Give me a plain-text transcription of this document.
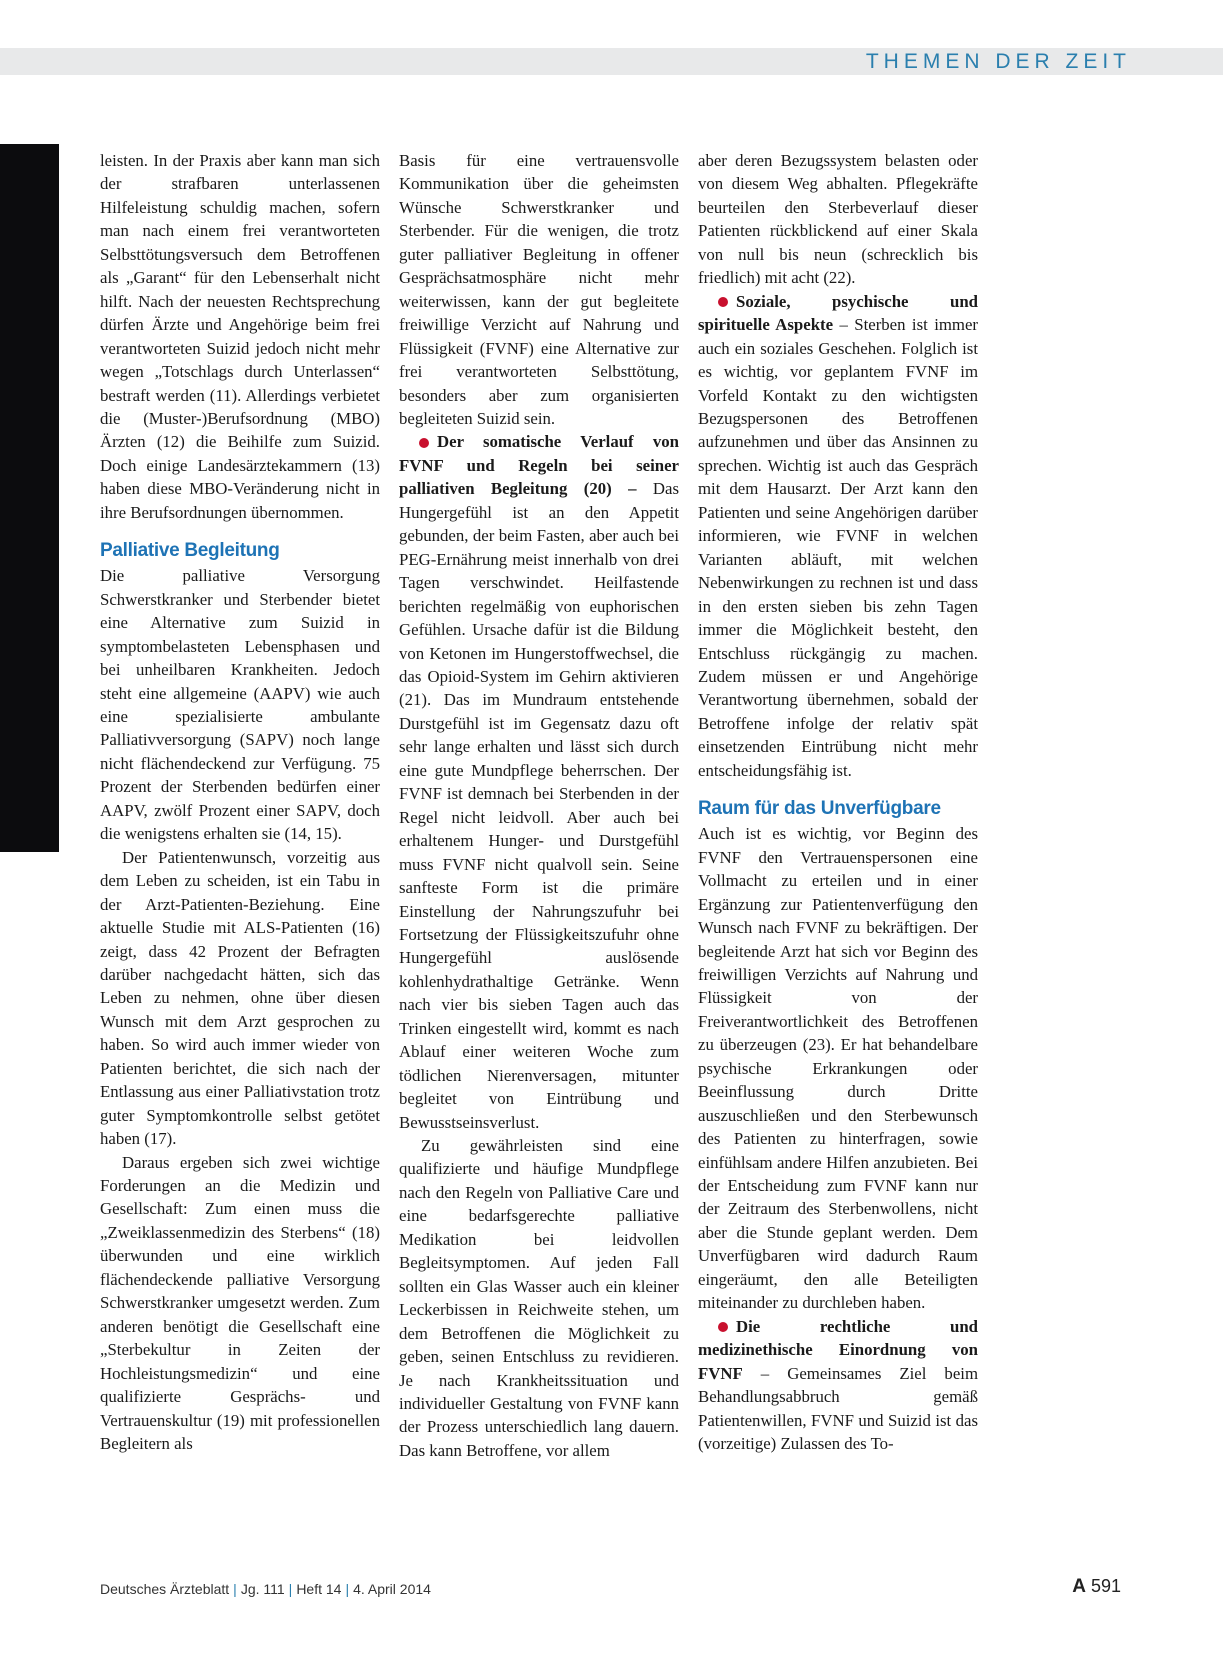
THEMEN DER ZEIT

leisten. In der Praxis aber kann man sich der strafbaren unterlassenen Hilfeleistung schuldig machen, sofern man nach einem frei verantworteten Selbsttötungsversuch dem Betroffenen als „Garant“ für den Lebenserhalt nicht hilft. Nach der neuesten Rechtsprechung dürfen Ärzte und Angehörige beim frei verantworteten Suizid jedoch nicht mehr wegen „Totschlags durch Unterlassen“ bestraft werden (11). Allerdings verbietet die (Muster-)Berufsordnung (MBO) Ärzten (12) die Beihilfe zum Suizid. Doch einige Landesärztekammern (13) haben diese MBO-Veränderung nicht in ihre Berufsordnungen übernommen.

Palliative Begleitung

Die palliative Versorgung Schwerstkranker und Sterbender bietet eine Alternative zum Suizid in symptombelasteten Lebensphasen und bei unheilbaren Krankheiten. Jedoch steht eine allgemeine (AAPV) wie auch eine spezialisierte ambulante Palliativversorgung (SAPV) noch lange nicht flächendeckend zur Verfügung. 75 Prozent der Sterbenden bedürfen einer AAPV, zwölf Prozent einer SAPV, doch die wenigstens erhalten sie (14, 15).

Der Patientenwunsch, vorzeitig aus dem Leben zu scheiden, ist ein Tabu in der Arzt-Patienten-Beziehung. Eine aktuelle Studie mit ALS-Patienten (16) zeigt, dass 42 Prozent der Befragten darüber nachgedacht hätten, sich das Leben zu nehmen, ohne über diesen Wunsch mit dem Arzt gesprochen zu haben. So wird auch immer wieder von Patienten berichtet, die sich nach der Entlassung aus einer Palliativstation trotz guter Symptomkontrolle selbst getötet haben (17).

Daraus ergeben sich zwei wichtige Forderungen an die Medizin und Gesellschaft: Zum einen muss die „Zweiklassenmedizin des Sterbens“ (18) überwunden und eine wirklich flächendeckende palliative Versorgung Schwerstkranker umgesetzt werden. Zum anderen benötigt die Gesellschaft eine „Sterbekultur in Zeiten der Hochleistungsmedizin“ und eine qualifizierte Gesprächs- und Vertrauenskultur (19) mit professionellen Begleitern als

Basis für eine vertrauensvolle Kommunikation über die geheimsten Wünsche Schwerstkranker und Sterbender. Für die wenigen, die trotz guter palliativer Begleitung in offener Gesprächsatmosphäre nicht mehr weiterwissen, kann der gut begleitete freiwillige Verzicht auf Nahrung und Flüssigkeit (FVNF) eine Alternative zur frei verantworteten Selbsttötung, besonders aber zum organisierten begleiteten Suizid sein.

Der somatische Verlauf von FVNF und Regeln bei seiner palliativen Begleitung (20) – Das Hungergefühl ist an den Appetit gebunden, der beim Fasten, aber auch bei PEG-Ernährung meist innerhalb von drei Tagen verschwindet. Heilfastende berichten regelmäßig von euphorischen Gefühlen. Ursache dafür ist die Bildung von Ketonen im Hungerstoffwechsel, die das Opioid-System im Gehirn aktivieren (21). Das im Mundraum entstehende Durstgefühl ist im Gegensatz dazu oft sehr lange erhalten und lässt sich durch eine gute Mundpflege beherrschen. Der FVNF ist demnach bei Sterbenden in der Regel nicht leidvoll. Aber auch bei erhaltenem Hunger- und Durstgefühl muss FVNF nicht qualvoll sein. Seine sanfteste Form ist die primäre Einstellung der Nahrungszufuhr bei Fortsetzung der Flüssigkeitszufuhr ohne Hungergefühl auslösende kohlenhydrathaltige Getränke. Wenn nach vier bis sieben Tagen auch das Trinken eingestellt wird, kommt es nach Ablauf einer weiteren Woche zum tödlichen Nierenversagen, mitunter begleitet von Eintrübung und Bewusstseinsverlust.

Zu gewährleisten sind eine qualifizierte und häufige Mundpflege nach den Regeln von Palliative Care und eine bedarfsgerechte palliative Medikation bei leidvollen Begleitsymptomen. Auf jeden Fall sollten ein Glas Wasser auch ein kleiner Leckerbissen in Reichweite stehen, um dem Betroffenen die Möglichkeit zu geben, seinen Entschluss zu revidieren. Je nach Krankheitssituation und individueller Gestaltung von FVNF kann der Prozess unterschiedlich lang dauern. Das kann Betroffene, vor allem

aber deren Bezugssystem belasten oder von diesem Weg abhalten. Pflegekräfte beurteilen den Sterbeverlauf dieser Patienten rückblickend auf einer Skala von null bis neun (schrecklich bis friedlich) mit acht (22).

Soziale, psychische und spirituelle Aspekte – Sterben ist immer auch ein soziales Geschehen. Folglich ist es wichtig, vor geplantem FVNF im Vorfeld Kontakt zu den wichtigsten Bezugspersonen des Betroffenen aufzunehmen und über das Ansinnen zu sprechen. Wichtig ist auch das Gespräch mit dem Hausarzt. Der Arzt kann den Patienten und seine Angehörigen darüber informieren, wie FVNF in welchen Varianten abläuft, mit welchen Nebenwirkungen zu rechnen ist und dass in den ersten sieben bis zehn Tagen immer die Möglichkeit besteht, den Entschluss rückgängig zu machen. Zudem müssen er und Angehörige Verantwortung übernehmen, sobald der Betroffene infolge der relativ spät einsetzenden Eintrübung nicht mehr entscheidungsfähig ist.

Raum für das Unverfügbare

Auch ist es wichtig, vor Beginn des FVNF den Vertrauenspersonen eine Vollmacht zu erteilen und in einer Ergänzung zur Patientenverfügung den Wunsch nach FVNF zu bekräftigen. Der begleitende Arzt hat sich vor Beginn des freiwilligen Verzichts auf Nahrung und Flüssigkeit von der Freiverantwortlichkeit des Betroffenen zu überzeugen (23). Er hat behandelbare psychische Erkrankungen oder Beeinflussung durch Dritte auszuschließen und den Sterbewunsch des Patienten zu hinterfragen, sowie einfühlsam andere Hilfen anzubieten. Bei der Entscheidung zum FVNF kann nur der Zeitraum des Sterbenwollens, nicht aber die Stunde geplant werden. Dem Unverfügbaren wird dadurch Raum eingeräumt, den alle Beteiligten miteinander zu durchleben haben.

Die rechtliche und medizinethische Einordnung von FVNF – Gemeinsames Ziel beim Behandlungsabbruch gemäß Patientenwillen, FVNF und Suizid ist das (vorzeitige) Zulassen des To-

Deutsches Ärzteblatt | Jg. 111 | Heft 14 | 4. April 2014	A 591
